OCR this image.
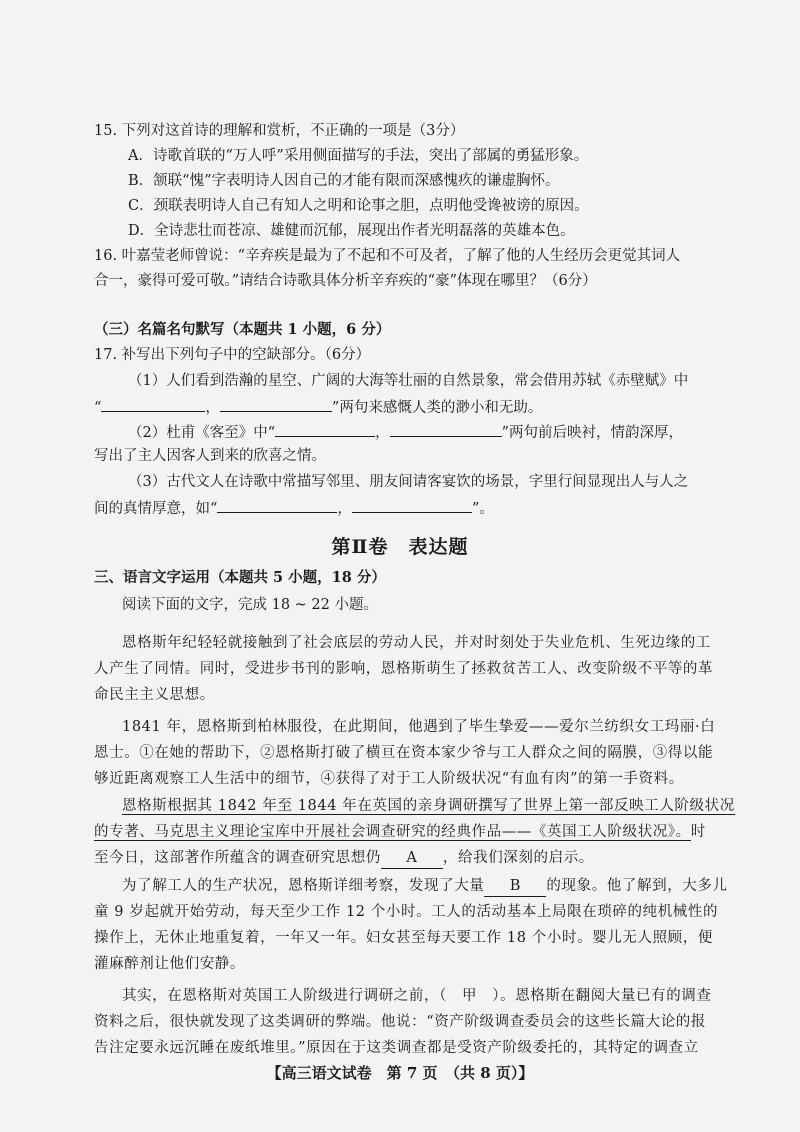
15. 下列对这首诗的理解和赏析，不正确的一项是（3分）
A．诗歌首联的“万人呼”采用侧面描写的手法，突出了部属的勇猛形象。
B．颔联“愧”字表明诗人因自己的才能有限而深感愧疚的谦虚胸怀。
C．颈联表明诗人自己有知人之明和论事之胆，点明他受谗被谤的原因。
D．全诗悲壮而苍凉、雄健而沉郁，展现出作者光明磊落的英雄本色。
16. 叶嘉莹老师曾说：“辛弃疾是最为了不起和不可及者，了解了他的人生经历会更觉其词人
合一，豪得可爱可敬。”请结合诗歌具体分析辛弃疾的“豪”体现在哪里？（6分）
（三）名篇名句默写（本题共 1 小题，6 分）
17. 补写出下列句子中的空缺部分。（6分）
（1）人们看到浩瀚的星空、广阔的大海等壮丽的自然景象，常会借用苏轼《赤壁赋》中
“	，	”两句来感慨人类的渺小和无助。
（2）杜甫《客至》中“	，	”两句前后映衬，情韵深厚，
写出了主人因客人到来的欣喜之情。
（3）古代文人在诗歌中常描写邻里、朋友间请客宴饮的场景，字里行间显现出人与人之
间的真情厚意，如“	，	”。
第Ⅱ卷　表达题
三、语言文字运用（本题共 5 小题，18 分）
阅读下面的文字，完成 18 ~ 22 小题。
恩格斯年纪轻轻就接触到了社会底层的劳动人民，并对时刻处于失业危机、生死边缘的工
人产生了同情。同时，受进步书刊的影响，恩格斯萌生了拯救贫苦工人、改变阶级不平等的革
命民主主义思想。
1841 年，恩格斯到柏林服役，在此期间，他遇到了毕生挚爱——爱尔兰纺织女工玛丽·白
恩士。①在她的帮助下，②恩格斯打破了横亘在资本家少爷与工人群众之间的隔膜，③得以能
够近距离观察工人生活中的细节，④获得了对于工人阶级状况“有血有肉”的第一手资料。
恩格斯根据其 1842 年至 1844 年在英国的亲身调研撰写了世界上第一部反映工人阶级状况
的专著、马克思主义理论宝库中开展社会调查研究的经典作品——《英国工人阶级状况》。时
至今日，这部著作所蕴含的调查研究思想仍 A ，给我们深刻的启示。
为了解工人的生产状况，恩格斯详细考察，发现了大量 B 的现象。他了解到，大多儿
童 9 岁起就开始劳动，每天至少工作 12 个小时。工人的活动基本上局限在琐碎的纯机械性的
操作上，无休止地重复着，一年又一年。妇女甚至每天要工作 18 个小时。婴儿无人照顾，便
灌麻醉剂让他们安静。
其实，在恩格斯对英国工人阶级进行调研之前，（　甲　）。恩格斯在翻阅大量已有的调查
资料之后，很快就发现了这类调研的弊端。他说：“资产阶级调查委员会的这些长篇大论的报
告注定要永远沉睡在废纸堆里。”原因在于这类调查都是受资产阶级委托的，其特定的调查立
【高三语文试卷　第 7 页　（共 8 页）】
